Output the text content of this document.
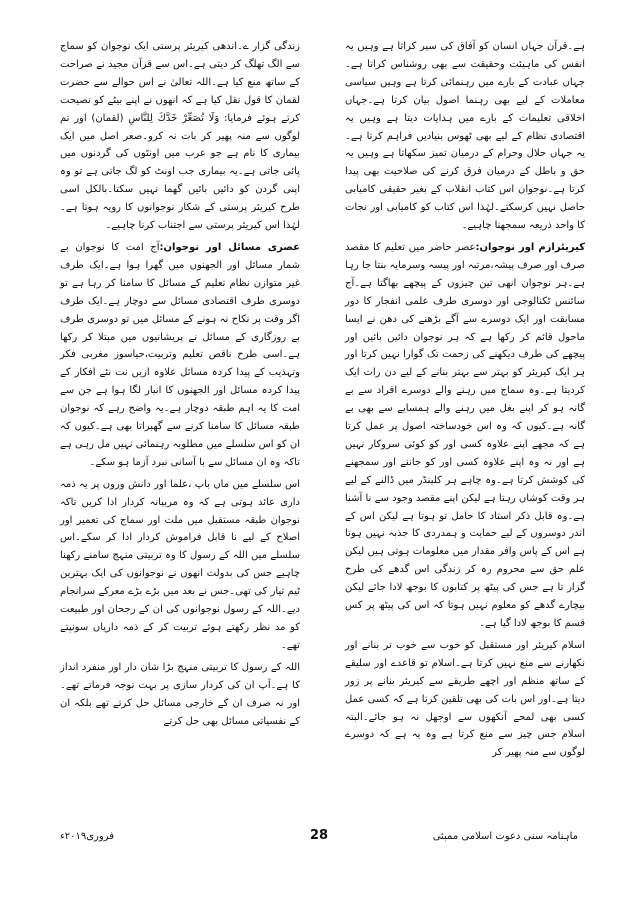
ہے۔قرآن جہاں انسان کو آفاق کی سیر کراتا ہے وہیں یہ انفس کی ماہیئت وحقیقت سے بھی روشناس کراتا ہے۔جہاں عبادت کے بارے میں رہنمائی کرتا ہے وہیں سیاسی معاملات کے لیے بھی رہنما اصول بیان کرتا ہے۔جہاں اخلاقی تعلیمات کے بارے میں ہدایات دیتا ہے وہیں یہ اقتصادی نظام کے لیے بھی ٹھوس بنیادیں فراہم کرتا ہے۔یہ جہاں حلال وحرام کے درمیان تمیز سکھاتا ہے وہیں یہ حق و باطل کے درمیان فرق کرنے کی صلاحیت بھی پیدا کرتا ہے۔نوجوان اس کتاب انقلاب کے بغیر حقیقی کامیابی حاصل نہیں کرسکتے۔لہٰذا اس کتاب کو کامیابی اور نجات کا واحد ذریعہ سمجھنا چاہیے۔

کیریئرازم اور نوجوان:عصر حاضر میں تعلیم کا مقصد صرف اور صرف پیشہ،مرتبہ اور پیسہ وسرمایہ بنتا جا رہا ہے۔ہر نوجوان انھی تین چیزوں کے پیچھے بھاگتا ہے۔آج سائنس ٹکنالوجی اور دوسری طرف علمی انفجار کا دور مسابقت اور ایک دوسرے سے آگے بڑھنے کی دھن نے ایسا ماحول قائم کر رکھا ہے کہ ہر نوجوان دائیں بائیں اور پیچھے کی طرف دیکھنے کی زحمت تک گوارا نہیں کرتا اور ہر ایک کیریئر کو بہتر سے بہتر بنانے کے لیے دن رات ایک کردیتا ہے۔وہ سماج میں رہنے والے دوسرے افراد سے بے گانہ ہو کر اپنے بغل میں رہنے والے ہمسایے سے بھی بے گانہ ہے۔کیوں کہ وہ اس خودساختہ اصول پر عمل کرتا ہے کہ مجھے اپنے علاوہ کسی اور کو کوئی سروکار نہیں ہے اور نہ وہ اپنے علاوہ کسی اور کو جاننے اور سمجھنے کی کوشش کرتا ہے۔وہ چاہے ہر کلینڈر میں ڈالنے کے لیے ہر وقت کوشاں رہتا ہے لیکن اپنے مقصد وجود سے نا آشنا ہے۔وہ قابل ذکر استاد کا حامل تو ہوتا ہے لیکن اس کے اندر دوسروں کے لیے حمایت و ہمدردی کا جذبہ نہیں ہوتا ہے اس کے پاس وافر مقدار میں معلومات ہوتی ہیں لیکن علم حق سے محروم رہ کر زندگی اس گدھے کی طرح گزار تا ہے جس کی پیٹھ پر کتابوں کا بوجھ لادا جائے لیکن بیچارے گدھے کو معلوم نہیں ہوتا کہ اس کی پیٹھ پر کس قسم کا بوجھ لادا گیا ہے۔

اسلام کیریئر اور مستقبل کو خوب سے خوب تر بنانے اور نکھارنے سے منع نہیں کرتا ہے۔اسلام تو قاعدے اور سلیقے کے ساتھ منظم اور اچھے طریقے سے کیریئر بنانے پر زور دیتا ہے۔اور اس بات کی بھی تلقین کرتا ہے کہ کسی عمل کسی بھی لمحے آنکھوں سے اوجھل نہ ہو جائے۔البتہ اسلام جس چیز سے منع کرتا ہے وہ یہ ہے کہ دوسرے لوگوں سے منہ پھیر کر

زندگی گزار ے۔اندھی کیریئر پرستی ایک نوجوان کو سماج سے الگ تھلگ کر دیتی ہے۔اس سے قرآن مجید نے صراحت کے ساتھ منع کیا ہے۔اللہ تعالیٰ نے اس حوالے سے حضرت لقمان کا قول نقل کیا ہے کہ انھوں نے اپنے بیٹے کو نصیحت کرتے ہوئے فرمایا: وَلَا تُصَعِّرْ خَدَّكَ لِلنَّاسِ (لقمان) اور تم لوگوں سے منہ پھیر کر بات نہ کرو۔صعر اصل میں ایک بیماری کا نام ہے جو عرب میں اونٹوں کی گردنوں میں پائی جاتی ہے۔یہ بیماری جب اونٹ کو لگ جاتی ہے تو وہ اپنی گردن کو دائیں بائیں گھما نہیں سکتا۔بالکل اسی طرح کیریئر پرستی کے شکار نوجوانوں کا رویہ ہوتا ہے۔لہٰذا اس کیریئر پرستی سے اجتناب کرنا چاہیے۔

عصری مسائل اور نوجوان:آج امت کا نوجوان بے شمار مسائل اور الجھنوں میں گھرا ہوا ہے۔ایک طرف غیر متوازن نظام تعلیم کے مسائل کا سامنا کر رہا ہے تو دوسری طرف اقتصادی مسائل سے دوچار ہے۔ایک طرف اگر وقت پر نکاح نہ ہونے کے مسائل میں تو دوسری طرف بے روزگاری کے مسائل نے پریشانیوں میں مبتلا کر رکھا ہے۔اسی طرح ناقص تعلیم وتربیت،حیاسوز مغربی فکر وتہذیب کے پیدا کردہ مسائل علاوہ ازیں نت نئے افکار کے پیدا کردہ مسائل اور الجھنوں کا انبار لگا ہوا ہے جن سے امت کا یہ اہم طبقہ دوچار ہے۔یہ واضح رہے کہ نوجوان طبقہ مسائل کا سامنا کرنے سے گھبراتا بھی ہے۔کیوں کہ ان کو اس سلسلے میں مطلوبہ رہنمائی نہیں مل رہی ہے تاکہ وہ ان مسائل سے با آسانی نبرد آزما ہو سکے۔

اس سلسلے میں ماں باپ ،علما اور دانش وروں پر یہ ذمہ داری عائد ہوتی ہے کہ وہ مربیانہ کردار ادا کریں تاکہ نوجوان طبقہ مستقبل میں ملت اور سماج کی تعمیر اور اصلاح کے لیے نا قابل فراموش کردار ادا کر سکے۔اس سلسلے میں اللہ کے رسول کا وہ تربیتی منہج سامنے رکھنا چاہیے جس کی بدولت انھوں نے نوجوانوں کی ایک بہترین ٹیم تیار کی تھی۔جس نے بعد میں بڑے بڑے معرکے سرانجام دیے۔اللہ کے رسول نوجوانوں کی ان کے رجحان اور طبیعت کو مد نظر رکھتے ہوئے تربیت کر کے ذمہ داریاں سونپتے تھے۔

اللہ کے رسول کا تربیتی منہج بڑا شان دار اور منفرد انداز کا ہے۔آپ ان کی کردار سازی پر بہت توجہ فرماتے تھے۔اور نہ صرف ان کے خارجی مسائل حل کرتے تھے بلکہ ان کے نفسیاتی مسائل بھی حل کرتے

28	ماہنامہ سنی دعوت اسلامی ممبئی
فروری۲۰۱۹ء
